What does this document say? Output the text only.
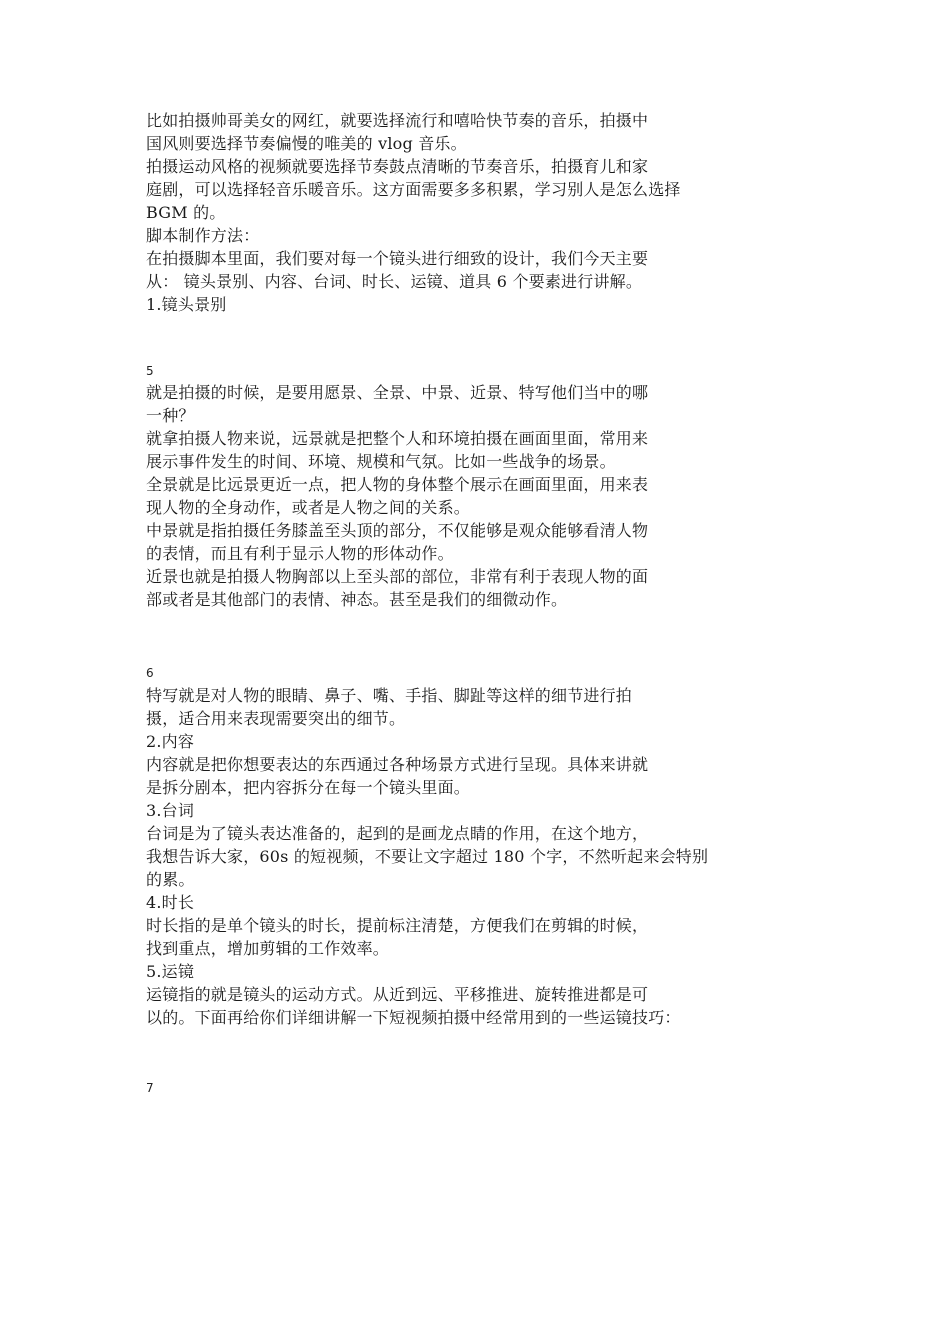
比如拍摄帅哥美女的网红，就要选择流行和嘻哈快节奏的音乐，拍摄中
国风则要选择节奏偏慢的唯美的 vlog 音乐。
拍摄运动风格的视频就要选择节奏鼓点清晰的节奏音乐，拍摄育儿和家
庭剧，可以选择轻音乐暖音乐。这方面需要多多积累，学习别人是怎么选择
BGM 的。
脚本制作方法：
在拍摄脚本里面，我们要对每一个镜头进行细致的设计，我们今天主要
从： 镜头景别、内容、台词、时长、运镜、道具 6 个要素进行讲解。
1.镜头景别
5
就是拍摄的时候，是要用愿景、全景、中景、近景、特写他们当中的哪
一种？
就拿拍摄人物来说，远景就是把整个人和环境拍摄在画面里面，常用来
展示事件发生的时间、环境、规模和气氛。比如一些战争的场景。
全景就是比远景更近一点，把人物的身体整个展示在画面里面，用来表
现人物的全身动作，或者是人物之间的关系。
中景就是指拍摄任务膝盖至头顶的部分，不仅能够是观众能够看清人物
的表情，而且有利于显示人物的形体动作。
近景也就是拍摄人物胸部以上至头部的部位，非常有利于表现人物的面
部或者是其他部门的表情、神态。甚至是我们的细微动作。
6
特写就是对人物的眼睛、鼻子、嘴、手指、脚趾等这样的细节进行拍
摄，适合用来表现需要突出的细节。
2.内容
内容就是把你想要表达的东西通过各种场景方式进行呈现。具体来讲就
是拆分剧本，把内容拆分在每一个镜头里面。
3.台词
台词是为了镜头表达准备的，起到的是画龙点睛的作用，在这个地方，
我想告诉大家，60s 的短视频，不要让文字超过 180 个字，不然听起来会特别
的累。
4.时长
时长指的是单个镜头的时长，提前标注清楚，方便我们在剪辑的时候，
找到重点，增加剪辑的工作效率。
5.运镜
运镜指的就是镜头的运动方式。从近到远、平移推进、旋转推进都是可
以的。下面再给你们详细讲解一下短视频拍摄中经常用到的一些运镜技巧：
7
